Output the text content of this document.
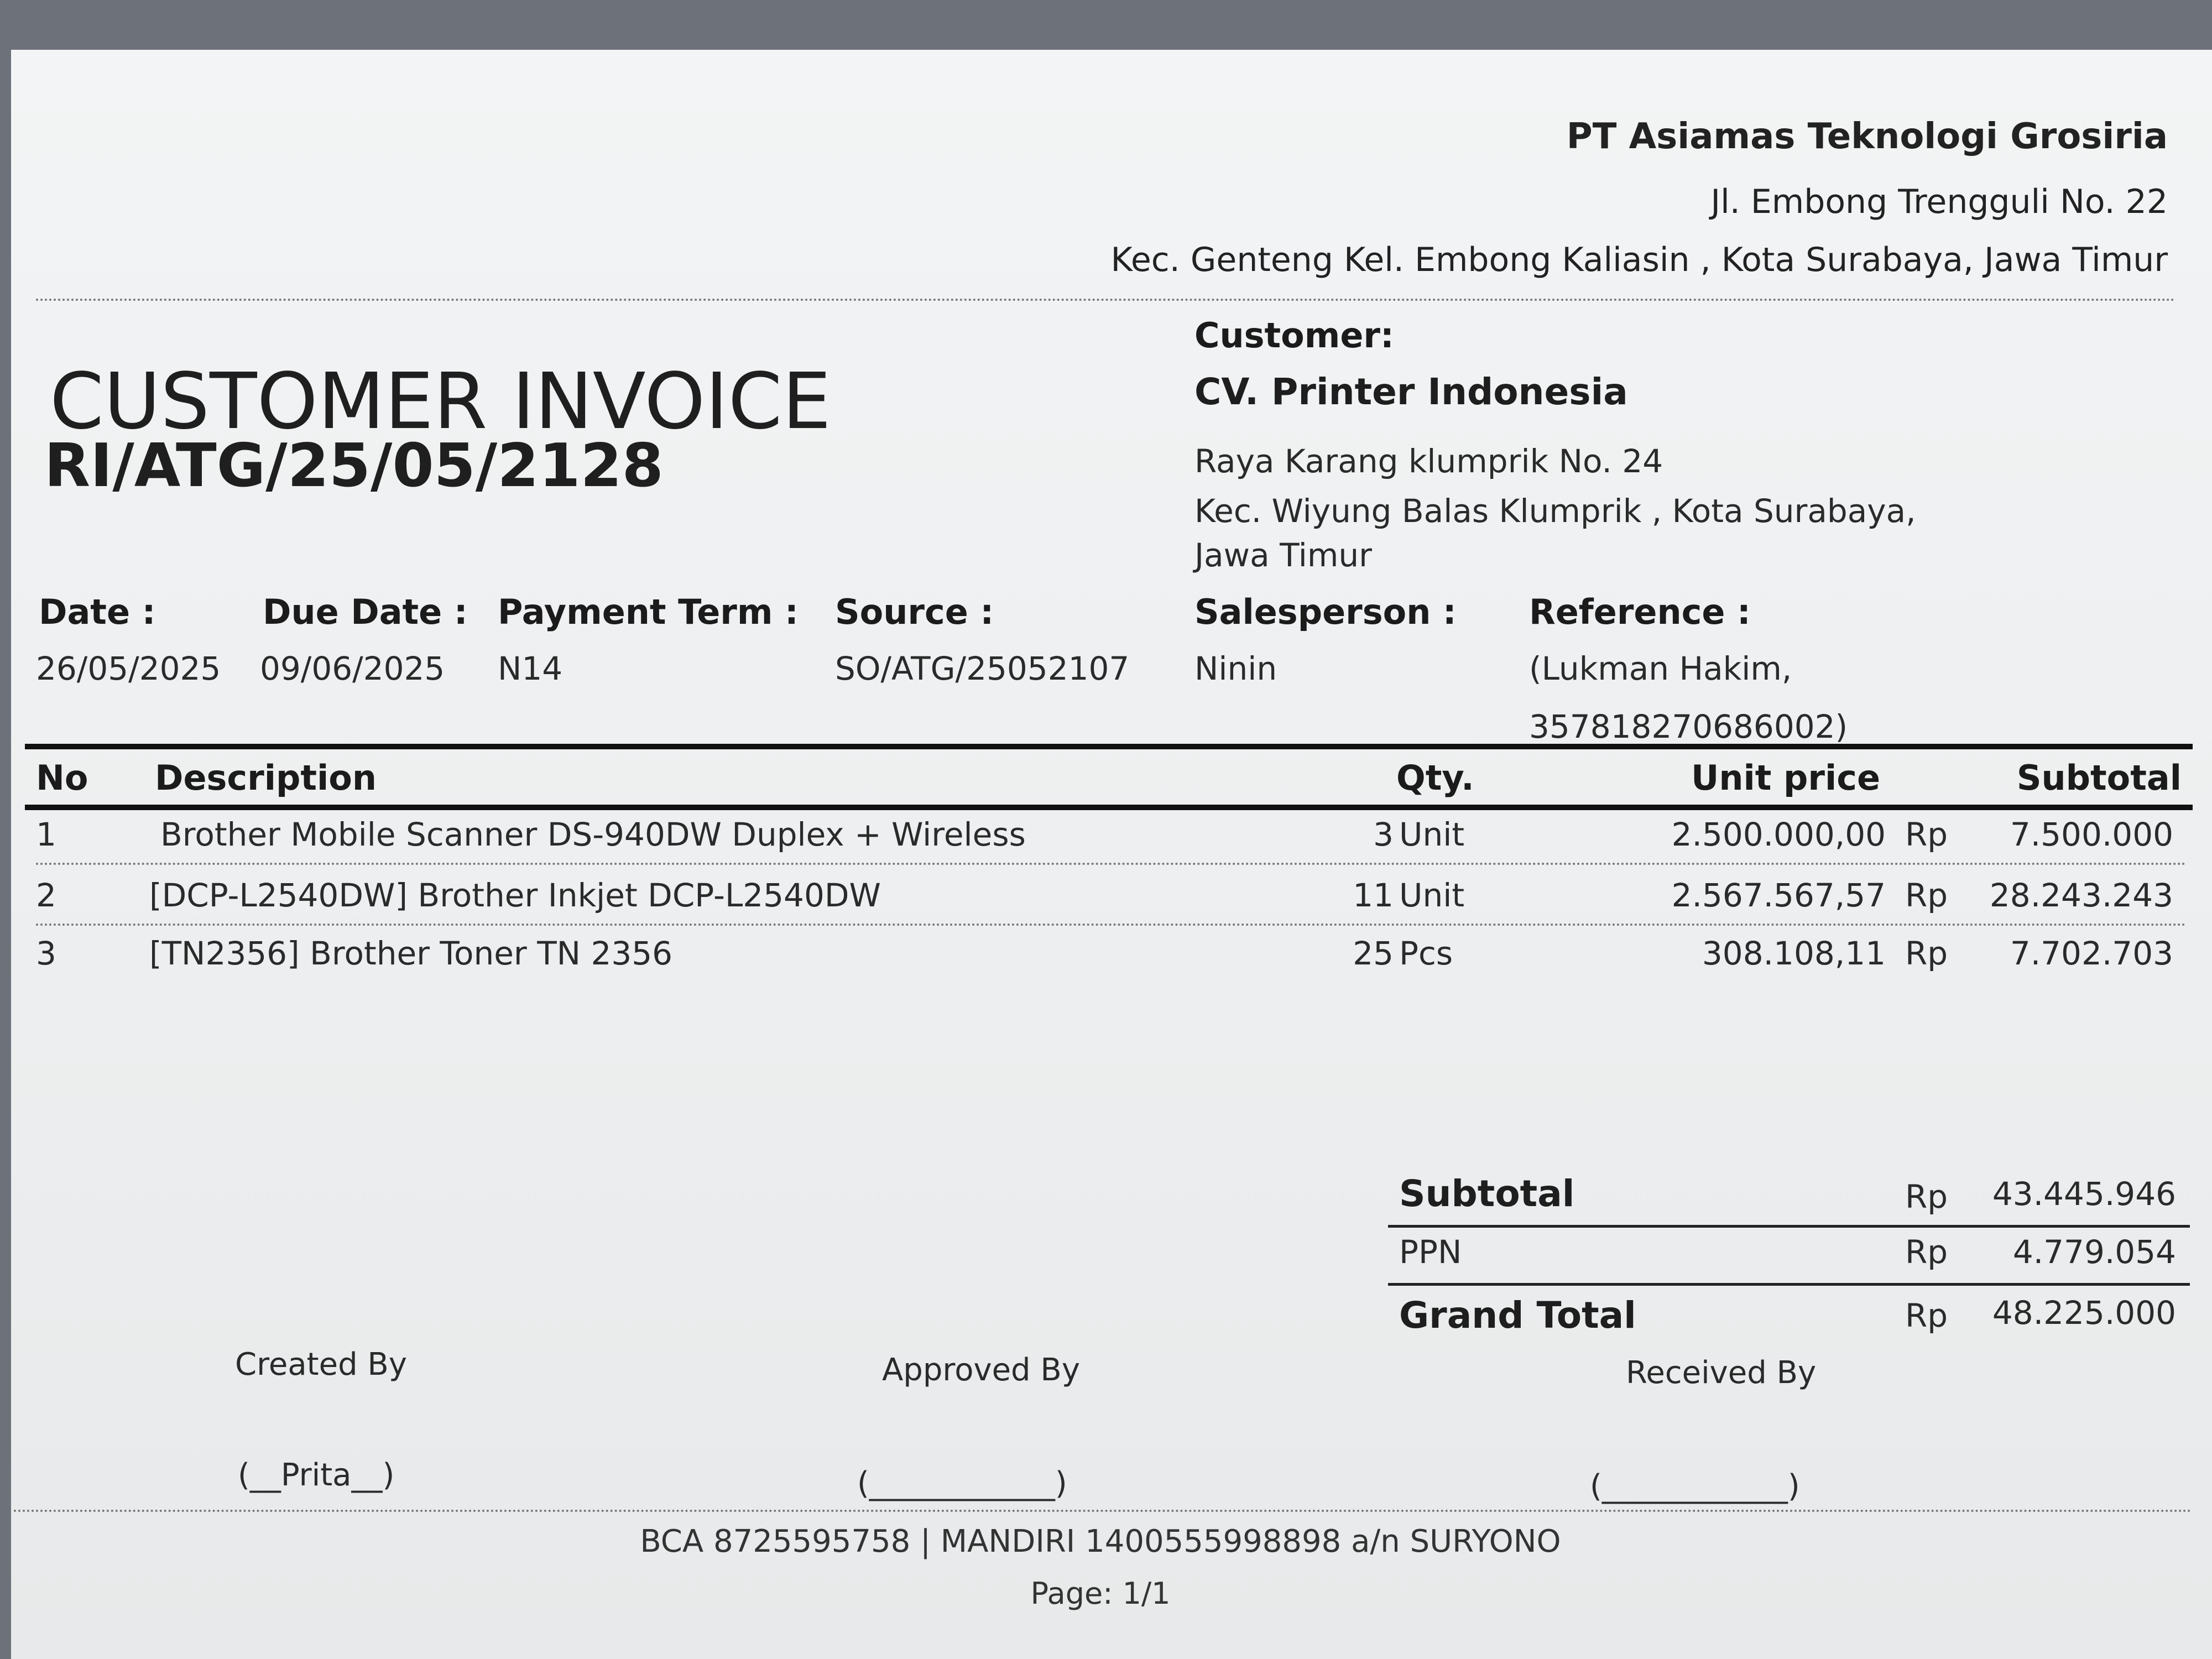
PT Asiamas Teknologi Grosiria
Jl. Embong Trengguli No. 22
Kec. Genteng Kel. Embong Kaliasin , Kota Surabaya, Jawa Timur
CUSTOMER INVOICE
RI/ATG/25/05/2128
Customer:
CV. Printer Indonesia
Raya Karang klumprik No. 24
Kec. Wiyung Balas Klumprik , Kota Surabaya,
Jawa Timur
Date :
26/05/2025
Due Date :
09/06/2025
Payment Term :
N14
Source :
SO/ATG/25052107
Salesperson :
Ninin
Reference :
(Lukman Hakim,
357818270686002)
No Description	Qty.	Unit price	Subtotal
1	Brother Mobile Scanner DS-940DW Duplex + Wireless	3 Unit	2.500.000,00 Rp 7.500.000
2	[DCP-L2540DW] Brother Inkjet DCP-L2540DW	11 Unit	2.567.567,57 Rp 28.243.243
3	[TN2356] Brother Toner TN 2356	25 Pcs	308.108,11 Rp 7.702.703
Subtotal	Rp 43.445.946
PPN	Rp 4.779.054
Grand Total	Rp 48.225.000
Created By
(__Prita__)
Approved By
(____________)
Received By
(____________)
BCA 8725595758 | MANDIRI 1400555998898 a/n SURYONO
Page: 1/1
